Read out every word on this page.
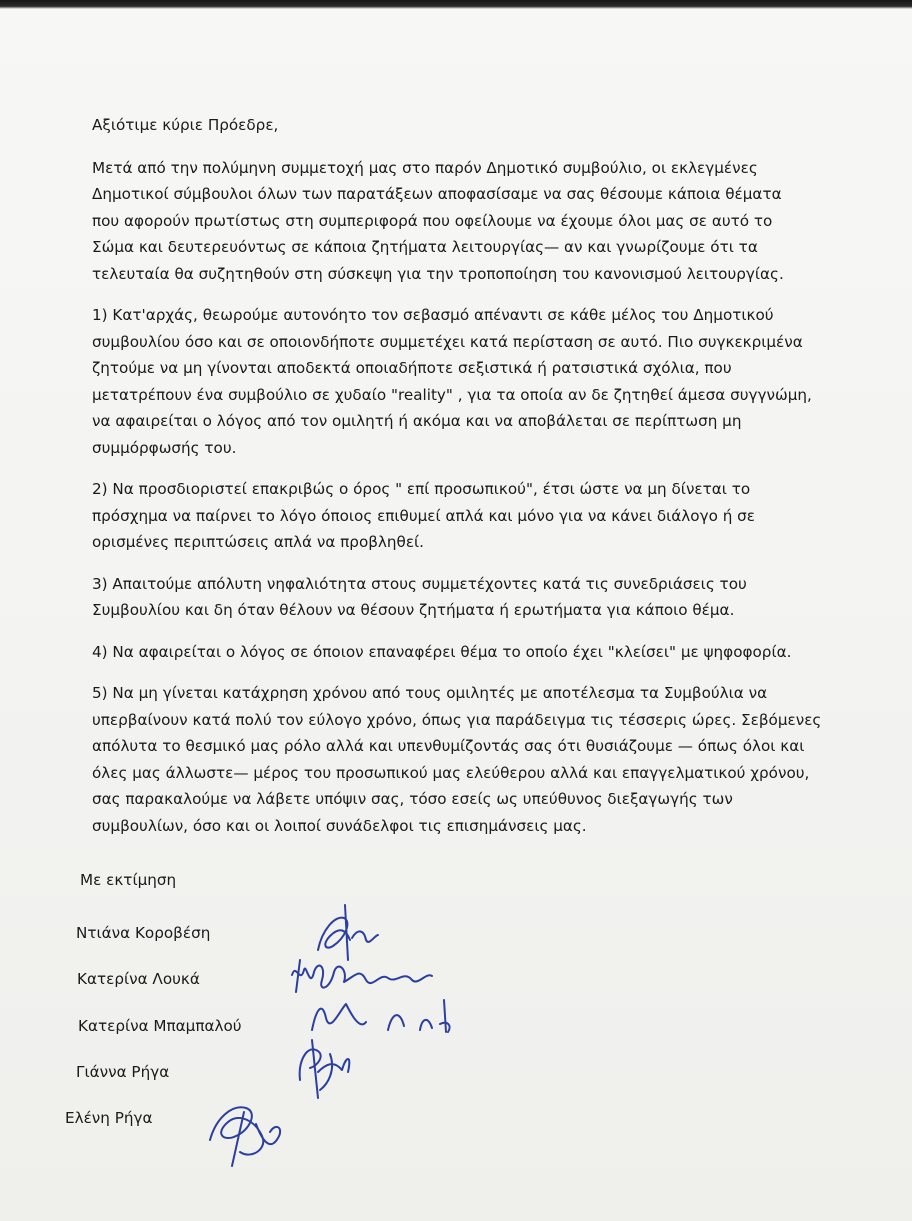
Αξιότιμε κύριε Πρόεδρε,
Μετά από την πολύμηνη συμμετοχή μας στο παρόν Δημοτικό συμβούλιο, οι εκλεγμένες
Δημοτικοί σύμβουλοι όλων των παρατάξεων αποφασίσαμε να σας θέσουμε κάποια θέματα
που αφορούν πρωτίστως στη συμπεριφορά που οφείλουμε να έχουμε όλοι μας σε αυτό το
Σώμα και δευτερευόντως σε κάποια ζητήματα λειτουργίας— αν και γνωρίζουμε ότι τα
τελευταία θα συζητηθούν στη σύσκεψη για την τροποποίηση του κανονισμού λειτουργίας.
1) Κατ'αρχάς, θεωρούμε αυτονόητο τον σεβασμό απέναντι σε κάθε μέλος του Δημοτικού
συμβουλίου όσο και σε οποιονδήποτε συμμετέχει κατά περίσταση σε αυτό. Πιο συγκεκριμένα
ζητούμε να μη γίνονται αποδεκτά οποιαδήποτε σεξιστικά ή ρατσιστικά σχόλια, που
μετατρέπουν ένα συμβούλιο σε χυδαίο "reality" , για τα οποία αν δε ζητηθεί άμεσα συγγνώμη,
να αφαιρείται ο λόγος από τον ομιλητή ή ακόμα και να αποβάλεται σε περίπτωση μη
συμμόρφωσής του.
2) Να προσδιοριστεί επακριβώς ο όρος " επί προσωπικού", έτσι ώστε να μη δίνεται το
πρόσχημα να παίρνει το λόγο όποιος επιθυμεί απλά και μόνο για να κάνει διάλογο ή σε
ορισμένες περιπτώσεις απλά να προβληθεί.
3) Απαιτούμε απόλυτη νηφαλιότητα στους συμμετέχοντες κατά τις συνεδριάσεις του
Συμβουλίου και δη όταν θέλουν να θέσουν ζητήματα ή ερωτήματα για κάποιο θέμα.
4) Να αφαιρείται ο λόγος σε όποιον επαναφέρει θέμα το οποίο έχει "κλείσει" με ψηφοφορία.
5) Να μη γίνεται κατάχρηση χρόνου από τους ομιλητές με αποτέλεσμα τα Συμβούλια να
υπερβαίνουν κατά πολύ τον εύλογο χρόνο, όπως για παράδειγμα τις τέσσερις ώρες. Σεβόμενες
απόλυτα το θεσμικό μας ρόλο αλλά και υπενθυμίζοντάς σας ότι θυσιάζουμε — όπως όλοι και
όλες μας άλλωστε— μέρος του προσωπικού μας ελεύθερου αλλά και επαγγελματικού χρόνου,
σας παρακαλούμε να λάβετε υπόψιν σας, τόσο εσείς ως υπεύθυνος διεξαγωγής των
συμβουλίων, όσο και οι λοιποί συνάδελφοι τις επισημάνσεις μας.
Με εκτίμηση
Ντιάνα Κοροβέση
Κατερίνα Λουκά
Κατερίνα Μπαμπαλού
Γιάννα Ρήγα
Ελένη Ρήγα
